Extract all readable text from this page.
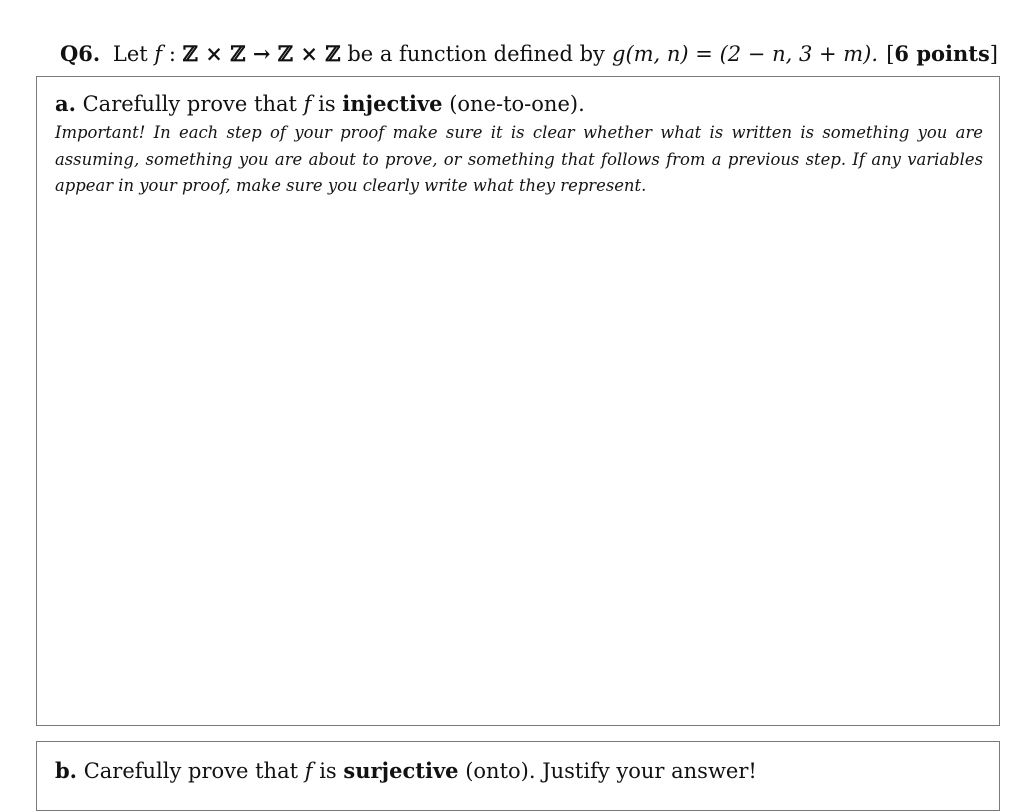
Q6. Let f : ℤ × ℤ → ℤ × ℤ be a function defined by g(m, n) = (2 − n, 3 + m). [6 points]
a. Carefully prove that f is injective (one-to-one).
Important! In each step of your proof make sure it is clear whether what is written is something you are assuming, something you are about to prove, or something that follows from a previous step. If any variables appear in your proof, make sure you clearly write what they represent.
b. Carefully prove that f is surjective (onto). Justify your answer!
